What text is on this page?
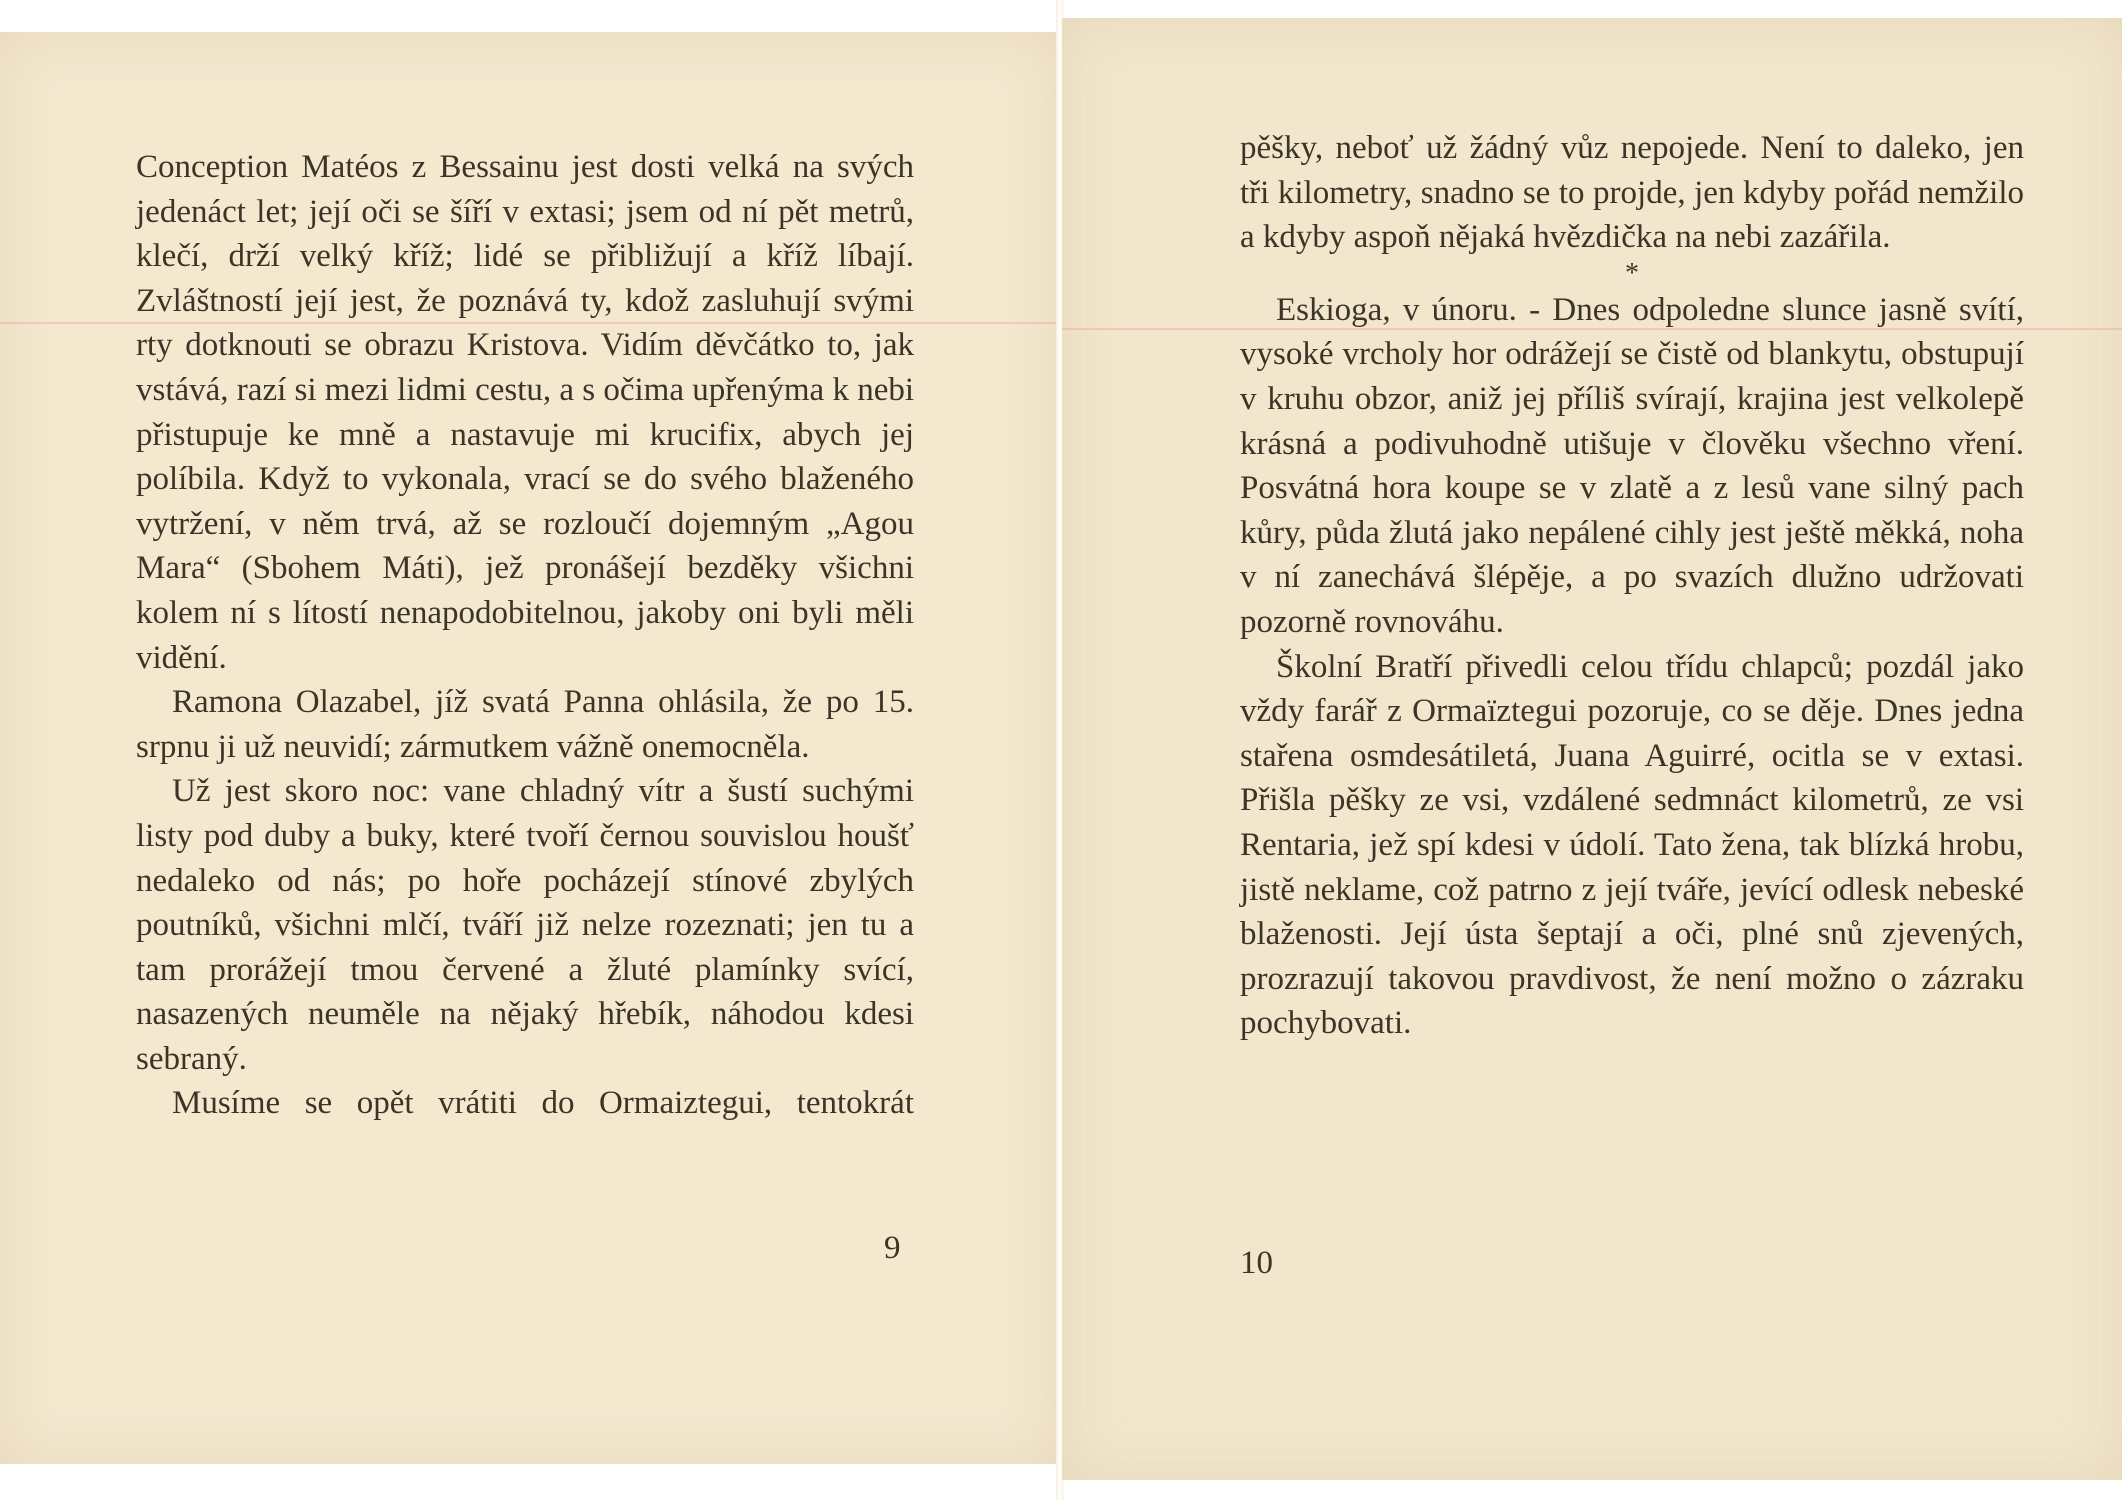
Conception Matéos z Bessainu jest dosti velká na svých jedenáct let; její oči se šíří v extasi; jsem od ní pět metrů, klečí, drží velký kříž; lidé se přibližují a kříž líbají. Zvláštností její jest, že poznává ty, kdož zasluhují svými rty dotknouti se obrazu Kristova. Vidím děvčátko to, jak vstává, razí si mezi lidmi cestu, a s očima upřenýma k nebi přistupuje ke mně a nastavuje mi krucifix, abych jej políbila. Když to vykonala, vrací se do svého blaženého vytržení, v něm trvá, až se rozloučí dojemným „Agou Mara“ (Sbohem Máti), jež pronášejí bezděky všichni kolem ní s lítostí nenapodobitelnou, jakoby oni byli měli vidění.

Ramona Olazabel, jíž svatá Panna ohlásila, že po 15. srpnu ji už neuvidí; zármutkem vážně onemocněla.

Už jest skoro noc: vane chladný vítr a šustí suchými listy pod duby a buky, které tvoří černou souvislou houšť nedaleko od nás; po hoře pocházejí stínové zbylých poutníků, všichni mlčí, tváří již nelze rozeznati; jen tu a tam prorážejí tmou červené a žluté plamínky svící, nasazených neuměle na nějaký hřebík, náhodou kdesi sebraný.

Musíme se opět vrátiti do Ormaiztegui, tentokrát

9

pěšky, neboť už žádný vůz nepojede. Není to daleko, jen tři kilometry, snadno se to projde, jen kdyby pořád nemžilo a kdyby aspoň nějaká hvězdička na nebi zazářila.

*

Eskioga, v únoru. - Dnes odpoledne slunce jasně svítí, vysoké vrcholy hor odrážejí se čistě od blankytu, obstupují v kruhu obzor, aniž jej příliš svírají, krajina jest velkolepě krásná a podivuhodně utišuje v člověku všechno vření. Posvátná hora koupe se v zlatě a z lesů vane silný pach kůry, půda žlutá jako nepálené cihly jest ještě měkká, noha v ní zanechává šlépěje, a po svazích dlužno udržovati pozorně rovnováhu.

Školní Bratří přivedli celou třídu chlapců; pozdál jako vždy farář z Ormaïztegui pozoruje, co se děje. Dnes jedna stařena osmdesátiletá, Juana Aguirré, ocitla se v extasi. Přišla pěšky ze vsi, vzdálené sedmnáct kilometrů, ze vsi Rentaria, jež spí kdesi v údolí. Tato žena, tak blízká hrobu, jistě neklame, což patrno z její tváře, jevící odlesk nebeské blaženosti. Její ústa šeptají a oči, plné snů zjevených, prozrazují takovou pravdivost, že není možno o zázraku pochybovati.

10
